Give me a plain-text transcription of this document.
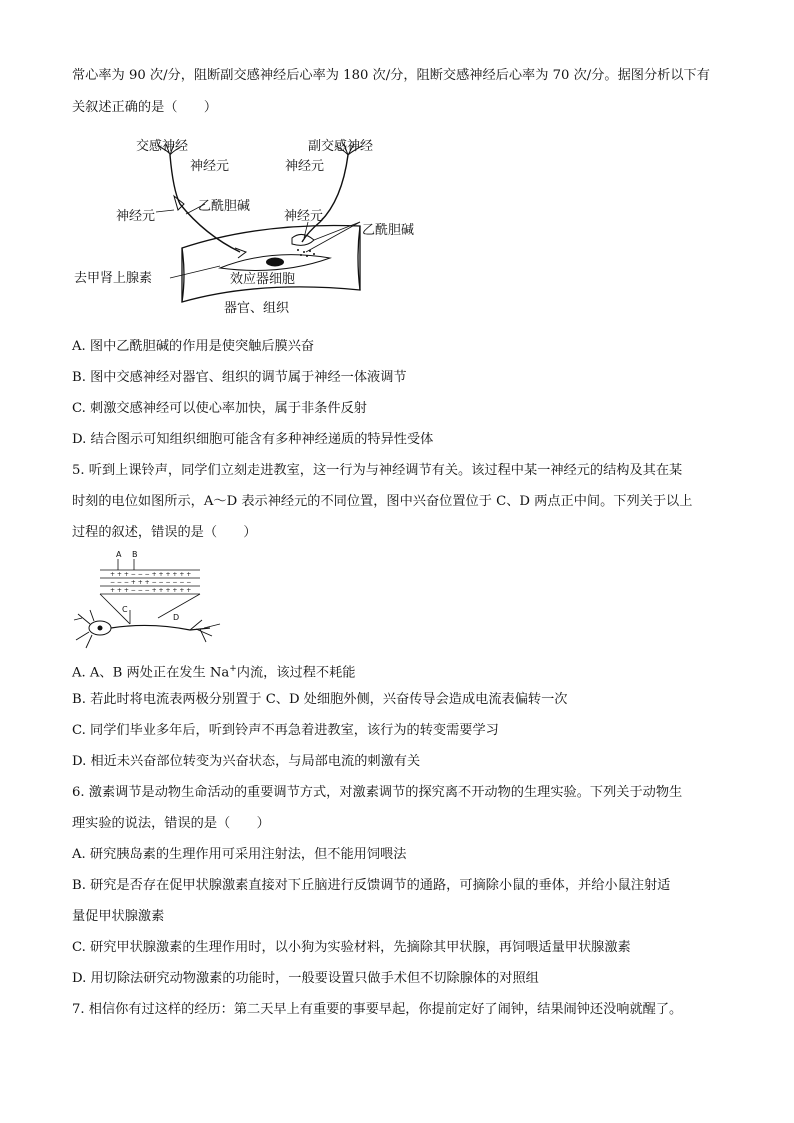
常心率为 90 次/分，阻断副交感神经后心率为 180 次/分，阻断交感神经后心率为 70 次/分。据图分析以下有
关叙述正确的是（　　）
交感神经
神经元
副交感神经
神经元
乙酰胆碱
神经元	神经元
乙酰胆碱
去甲肾上腺素	效应器细胞
器官、组织
A. 图中乙酰胆碱的作用是使突触后膜兴奋
B. 图中交感神经对器官、组织的调节属于神经一体液调节
C. 刺激交感神经可以使心率加快，属于非条件反射
D. 结合图示可知组织细胞可能含有多种神经递质的特异性受体
5. 听到上课铃声，同学们立刻走进教室，这一行为与神经调节有关。该过程中某一神经元的结构及其在某
时刻的电位如图所示，A～D 表示神经元的不同位置，图中兴奋位置位于 C、D 两点正中间。下列关于以上
过程的叙述，错误的是（　　）
+ + + − − − + + + + + +
− − − + + + − − − − − −
+ + + − − − + + + + + +
A B
C
D
A. A、B 两处正在发生 Na+内流，该过程不耗能
B. 若此时将电流表两极分别置于 C、D 处细胞外侧，兴奋传导会造成电流表偏转一次
C. 同学们毕业多年后，听到铃声不再急着进教室，该行为的转变需要学习
D. 相近未兴奋部位转变为兴奋状态，与局部电流的刺激有关
6. 激素调节是动物生命活动的重要调节方式，对激素调节的探究离不开动物的生理实验。下列关于动物生
理实验的说法，错误的是（　　）
A. 研究胰岛素的生理作用可采用注射法，但不能用饲喂法
B. 研究是否存在促甲状腺激素直接对下丘脑进行反馈调节的通路，可摘除小鼠的垂体，并给小鼠注射适
量促甲状腺激素
C. 研究甲状腺激素的生理作用时，以小狗为实验材料，先摘除其甲状腺，再饲喂适量甲状腺激素
D. 用切除法研究动物激素的功能时，一般要设置只做手术但不切除腺体的对照组
7. 相信你有过这样的经历：第二天早上有重要的事要早起，你提前定好了闹钟，结果闹钟还没响就醒了。
